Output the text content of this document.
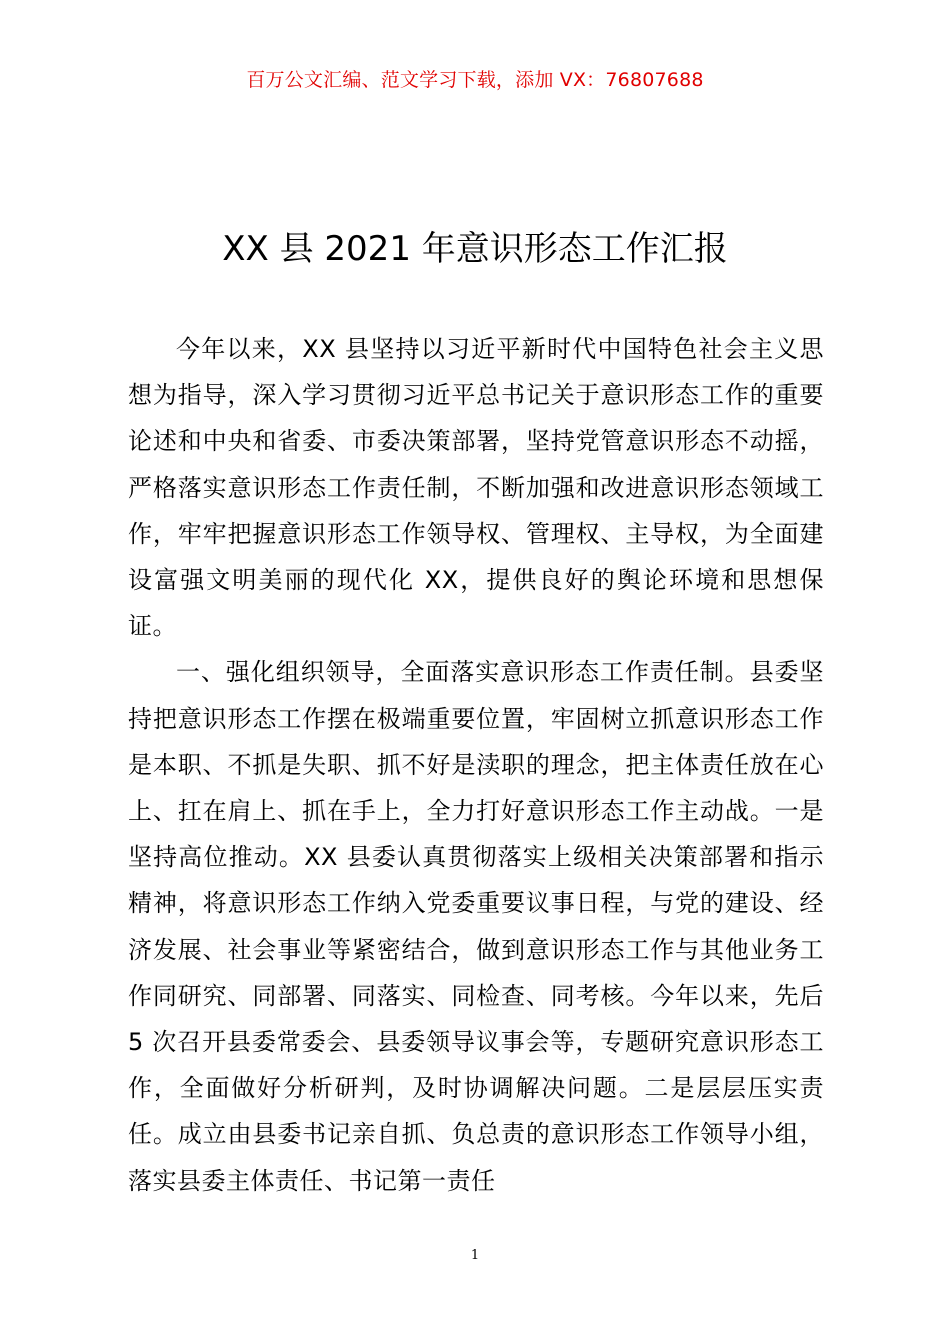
百万公文汇编、范文学习下载，添加 VX：76807688
XX 县 2021 年意识形态工作汇报

今年以来，XX 县坚持以习近平新时代中国特色社会主义思想为指导，深入学习贯彻习近平总书记关于意识形态工作的重要论述和中央和省委、市委决策部署，坚持党管意识形态不动摇，严格落实意识形态工作责任制，不断加强和改进意识形态领域工作，牢牢把握意识形态工作领导权、管理权、主导权，为全面建设富强文明美丽的现代化 XX，提供良好的舆论环境和思想保证。

一、强化组织领导，全面落实意识形态工作责任制。县委坚持把意识形态工作摆在极端重要位置，牢固树立抓意识形态工作是本职、不抓是失职、抓不好是渎职的理念，把主体责任放在心上、扛在肩上、抓在手上，全力打好意识形态工作主动战。一是坚持高位推动。XX 县委认真贯彻落实上级相关决策部署和指示精神，将意识形态工作纳入党委重要议事日程，与党的建设、经济发展、社会事业等紧密结合，做到意识形态工作与其他业务工作同研究、同部署、同落实、同检查、同考核。今年以来，先后 5 次召开县委常委会、县委领导议事会等，专题研究意识形态工作，全面做好分析研判，及时协调解决问题。二是层层压实责任。成立由县委书记亲自抓、负总责的意识形态工作领导小组，落实县委主体责任、书记第一责任

1
